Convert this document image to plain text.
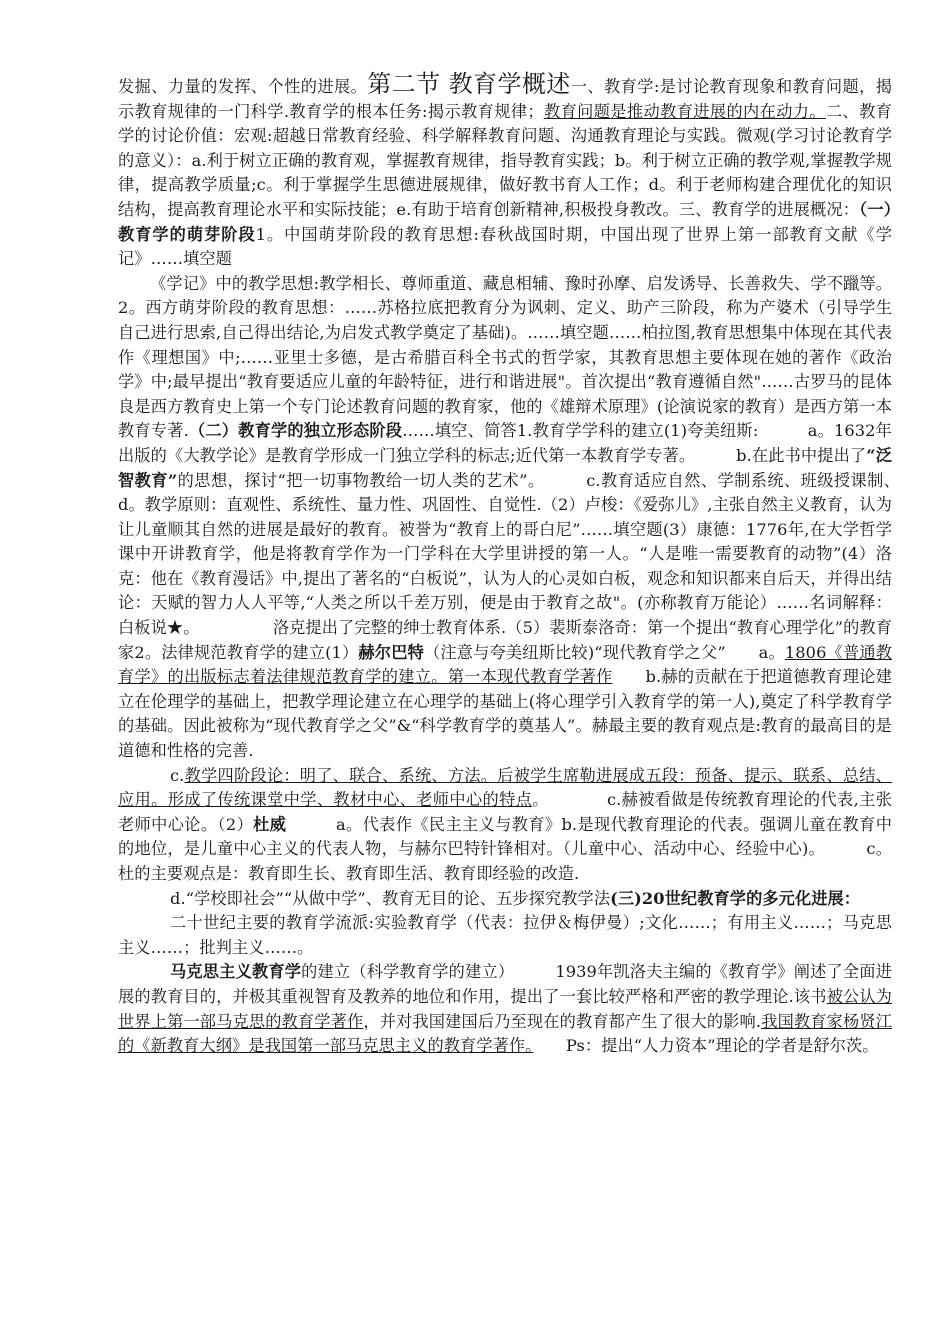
发掘、力量的发挥、个性的进展。第二节 教育学概述一、教育学:是讨论教育现象和教育问题，揭示教育规律的一门科学.教育学的根本任务:揭示教育规律；教育问题是推动教育进展的内在动力。二、教育学的讨论价值：宏观:超越日常教育经验、科学解释教育问题、沟通教育理论与实践。微观(学习讨论教育学的意义）：a.利于树立正确的教育观，掌握教育规律，指导教育实践；b。利于树立正确的教学观,掌握教学规律，提高教学质量;c。利于掌握学生思德进展规律，做好教书育人工作；d。利于老师构建合理优化的知识结构，提高教育理论水平和实际技能；e.有助于培育创新精神,积极投身教改。三、教育学的进展概况：（一）教育学的萌芽阶段1。中国萌芽阶段的教育思想:春秋战国时期，中国出现了世界上第一部教育文献《学记》……填空题

《学记》中的教学思想:教学相长、尊师重道、藏息相辅、豫时孙摩、启发诱导、长善救失、学不躐等。2。西方萌芽阶段的教育思想：……苏格拉底把教育分为讽刺、定义、助产三阶段，称为产婆术（引导学生自己进行思索,自己得出结论,为启发式教学奠定了基础)。……填空题……柏拉图,教育思想集中体现在其代表作《理想国》中;……亚里士多德，是古希腊百科全书式的哲学家，其教育思想主要体现在她的著作《政治学》中;最早提出“教育要适应儿童的年龄特征，进行和谐进展"。首次提出“教育遵循自然"……古罗马的昆体良是西方教育史上第一个专门论述教育问题的教育家，他的《雄辩术原理》(论演说家的教育）是西方第一本教育专著.（二）教育学的独立形态阶段……填空、简答1.教育学学科的建立(1)夸美纽斯:　　　a。1632年出版的《大教学论》是教育学形成一门独立学科的标志;近代第一本教育学专著。　　　b.在此书中提出了“泛智教育”的思想，探讨“把一切事物教给一切人类的艺术”。　　　c.教育适应自然、学制系统、班级授课制、　d。教学原则：直观性、系统性、量力性、巩固性、自觉性.（2）卢梭：《爱弥儿》,主张自然主义教育，认为让儿童顺其自然的进展是最好的教育。被誉为“教育上的哥白尼”……填空题(3）康德：1776年,在大学哲学课中开讲教育学，他是将教育学作为一门学科在大学里讲授的第一人。“人是唯一需要教育的动物”(4）洛克：他在《教育漫话》中,提出了著名的“白板说”，认为人的心灵如白板，观念和知识都来自后天，并得出结论：天赋的智力人人平等,“人类之所以千差万别，便是由于教育之故"。(亦称教育万能论）……名词解释：白板说★。　　　　　洛克提出了完整的绅士教育体系.（5）裴斯泰洛奇：第一个提出“教育心理学化”的教育家2。法律规范教育学的建立(1）赫尔巴特（注意与夸美纽斯比较)“现代教育学之父”　　a。1806《普通教育学》的出版标志着法律规范教育学的建立。第一本现代教育学著作　　b.赫的贡献在于把道德教育理论建立在伦理学的基础上，把教学理论建立在心理学的基础上(将心理学引入教育学的第一人),奠定了科学教育学的基础。因此被称为“现代教育学之父”&“科学教育学的奠基人”。赫最主要的教育观点是:教育的最高目的是道德和性格的完善.

c.教学四阶段论：明了、联合、系统、方法。后被学生席勒进展成五段：预备、提示、联系、总结、应用。形成了传统课堂中学、教材中心、老师中心的特点。　　　　c.赫被看做是传统教育理论的代表,主张老师中心论。（2）杜威　　　a。代表作《民主主义与教育》b.是现代教育理论的代表。强调儿童在教育中的地位，是儿童中心主义的代表人物，与赫尔巴特针锋相对。（儿童中心、活动中心、经验中心)。　　　c。杜的主要观点是：教育即生长、教育即生活、教育即经验的改造.

d.“学校即社会”“从做中学”、教育无目的论、五步探究教学法(三)20世纪教育学的多元化进展：

二十世纪主要的教育学流派:实验教育学（代表：拉伊＆梅伊曼）;文化……；有用主义……；马克思主义……；批判主义……。

马克思主义教育学的建立（科学教育学的建立）　　　1939年凯洛夫主编的《教育学》阐述了全面进展的教育目的，并极其重视智育及教养的地位和作用，提出了一套比较严格和严密的教学理论.该书被公认为世界上第一部马克思的教育学著作，并对我国建国后乃至现在的教育都产生了很大的影响.我国教育家杨贤江的《新教育大纲》是我国第一部马克思主义的教育学著作。　　Ps：提出“人力资本”理论的学者是舒尔茨。
